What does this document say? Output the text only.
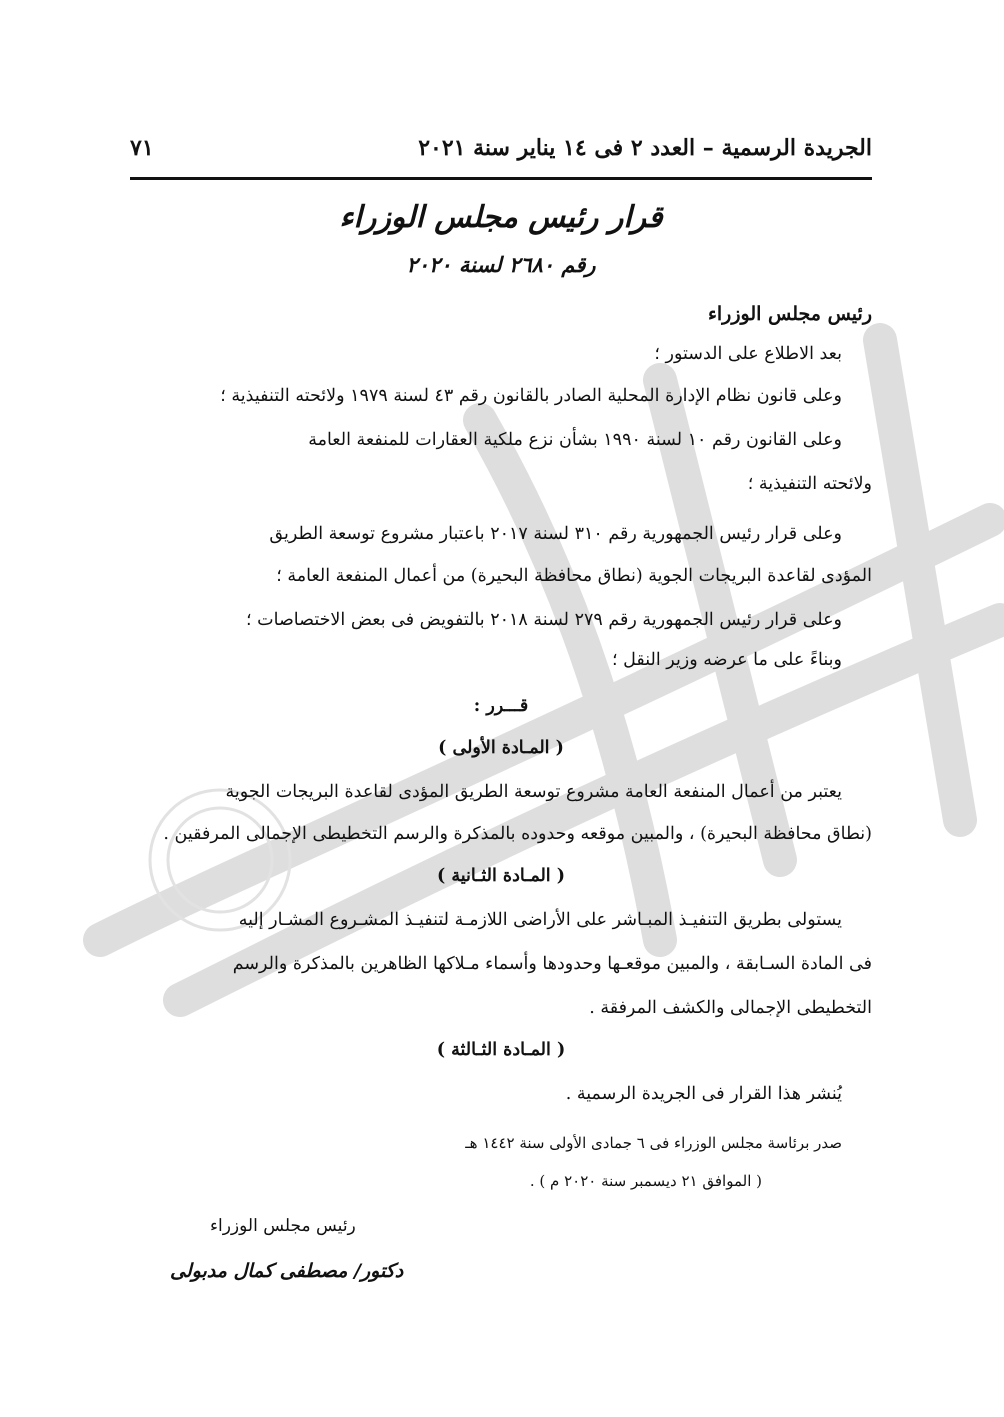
الجريدة الرسمية – العدد ٢ فى ١٤ يناير سنة ٢٠٢١
٧١
قرار رئيس مجلس الوزراء
رقم ٢٦٨٠ لسنة ٢٠٢٠
رئيس مجلس الوزراء
بعد الاطلاع على الدستور ؛
وعلى قانون نظام الإدارة المحلية الصادر بالقانون رقم ٤٣ لسنة ١٩٧٩ ولائحته التنفيذية ؛
وعلى القانون رقم ١٠ لسنة ١٩٩٠ بشأن نزع ملكية العقارات للمنفعة العامة
ولائحته التنفيذية ؛
وعلى قرار رئيس الجمهورية رقم ٣١٠ لسنة ٢٠١٧ باعتبار مشروع توسعة الطريق
المؤدى لقاعدة البريجات الجوية (نطاق محافظة البحيرة) من أعمال المنفعة العامة ؛
وعلى قرار رئيس الجمهورية رقم ٢٧٩ لسنة ٢٠١٨ بالتفويض فى بعض الاختصاصات ؛
وبناءً على ما عرضه وزير النقل ؛
قـــرر :
( المـادة الأولى )
يعتبر من أعمال المنفعة العامة مشروع توسعة الطريق المؤدى لقاعدة البريجات الجوية
(نطاق محافظة البحيرة) ، والمبين موقعه وحدوده بالمذكرة والرسم التخطيطى الإجمالى المرفقين .
( المـادة الثـانية )
يستولى بطريق التنفيـذ المبـاشر على الأراضى اللازمـة لتنفيـذ المشـروع المشـار إليه
فى المادة السـابقة ، والمبين موقعـها وحدودها وأسماء مـلاكها الظاهرين بالمذكرة والرسم
التخطيطى الإجمالى والكشف المرفقة .
( المـادة الثـالثة )
يُنشر هذا القرار فى الجريدة الرسمية .
صدر برئاسة مجلس الوزراء فى ٦ جمادى الأولى سنة ١٤٤٢ هـ
( الموافق ٢١ ديسمبر سنة ٢٠٢٠ م ) .
رئيس مجلس الوزراء
دكتور/ مصطفى كمال مدبولى
